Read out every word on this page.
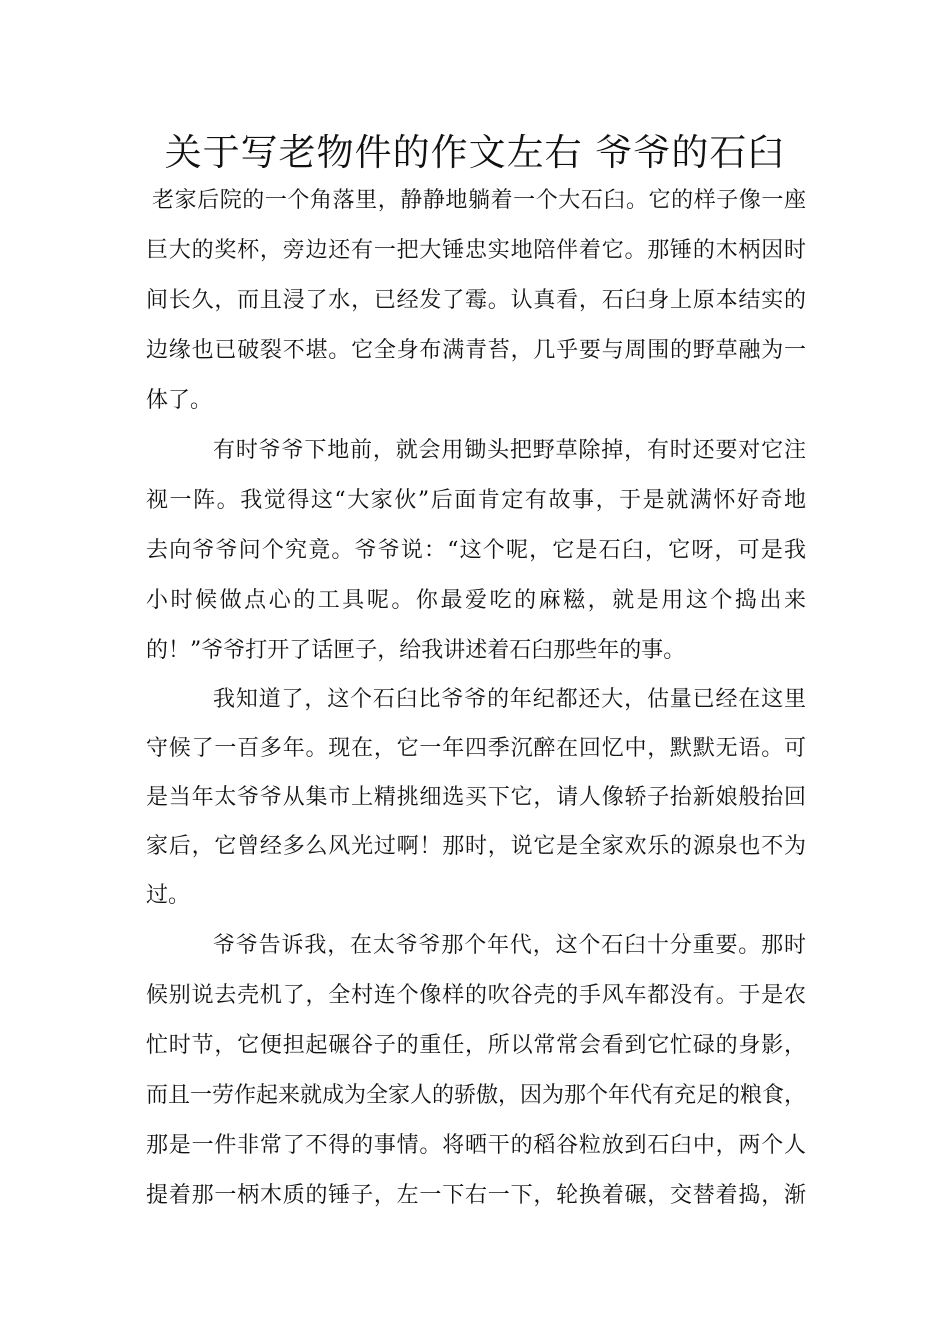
关于写老物件的作文左右 爷爷的石臼
老家后院的一个角落里，静静地躺着一个大石臼。它的样子像一座
巨大的奖杯，旁边还有一把大锤忠实地陪伴着它。那锤的木柄因时
间长久，而且浸了水，已经发了霉。认真看，石臼身上原本结实的
边缘也已破裂不堪。它全身布满青苔，几乎要与周围的野草融为一
体了。
有时爷爷下地前，就会用锄头把野草除掉，有时还要对它注
视一阵。我觉得这“大家伙”后面肯定有故事，于是就满怀好奇地
去向爷爷问个究竟。爷爷说：“这个呢，它是石臼，它呀，可是我
小时候做点心的工具呢。你最爱吃的麻糍，就是用这个捣出来
的！”爷爷打开了话匣子，给我讲述着石臼那些年的事。
我知道了，这个石臼比爷爷的年纪都还大，估量已经在这里
守候了一百多年。现在，它一年四季沉醉在回忆中，默默无语。可
是当年太爷爷从集市上精挑细选买下它，请人像轿子抬新娘般抬回
家后，它曾经多么风光过啊！那时，说它是全家欢乐的源泉也不为
过。
爷爷告诉我，在太爷爷那个年代，这个石臼十分重要。那时
候别说去壳机了，全村连个像样的吹谷壳的手风车都没有。于是农
忙时节，它便担起碾谷子的重任，所以常常会看到它忙碌的身影，
而且一劳作起来就成为全家人的骄傲，因为那个年代有充足的粮食，
那是一件非常了不得的事情。将晒干的稻谷粒放到石臼中，两个人
提着那一柄木质的锤子，左一下右一下，轮换着碾，交替着捣，渐
